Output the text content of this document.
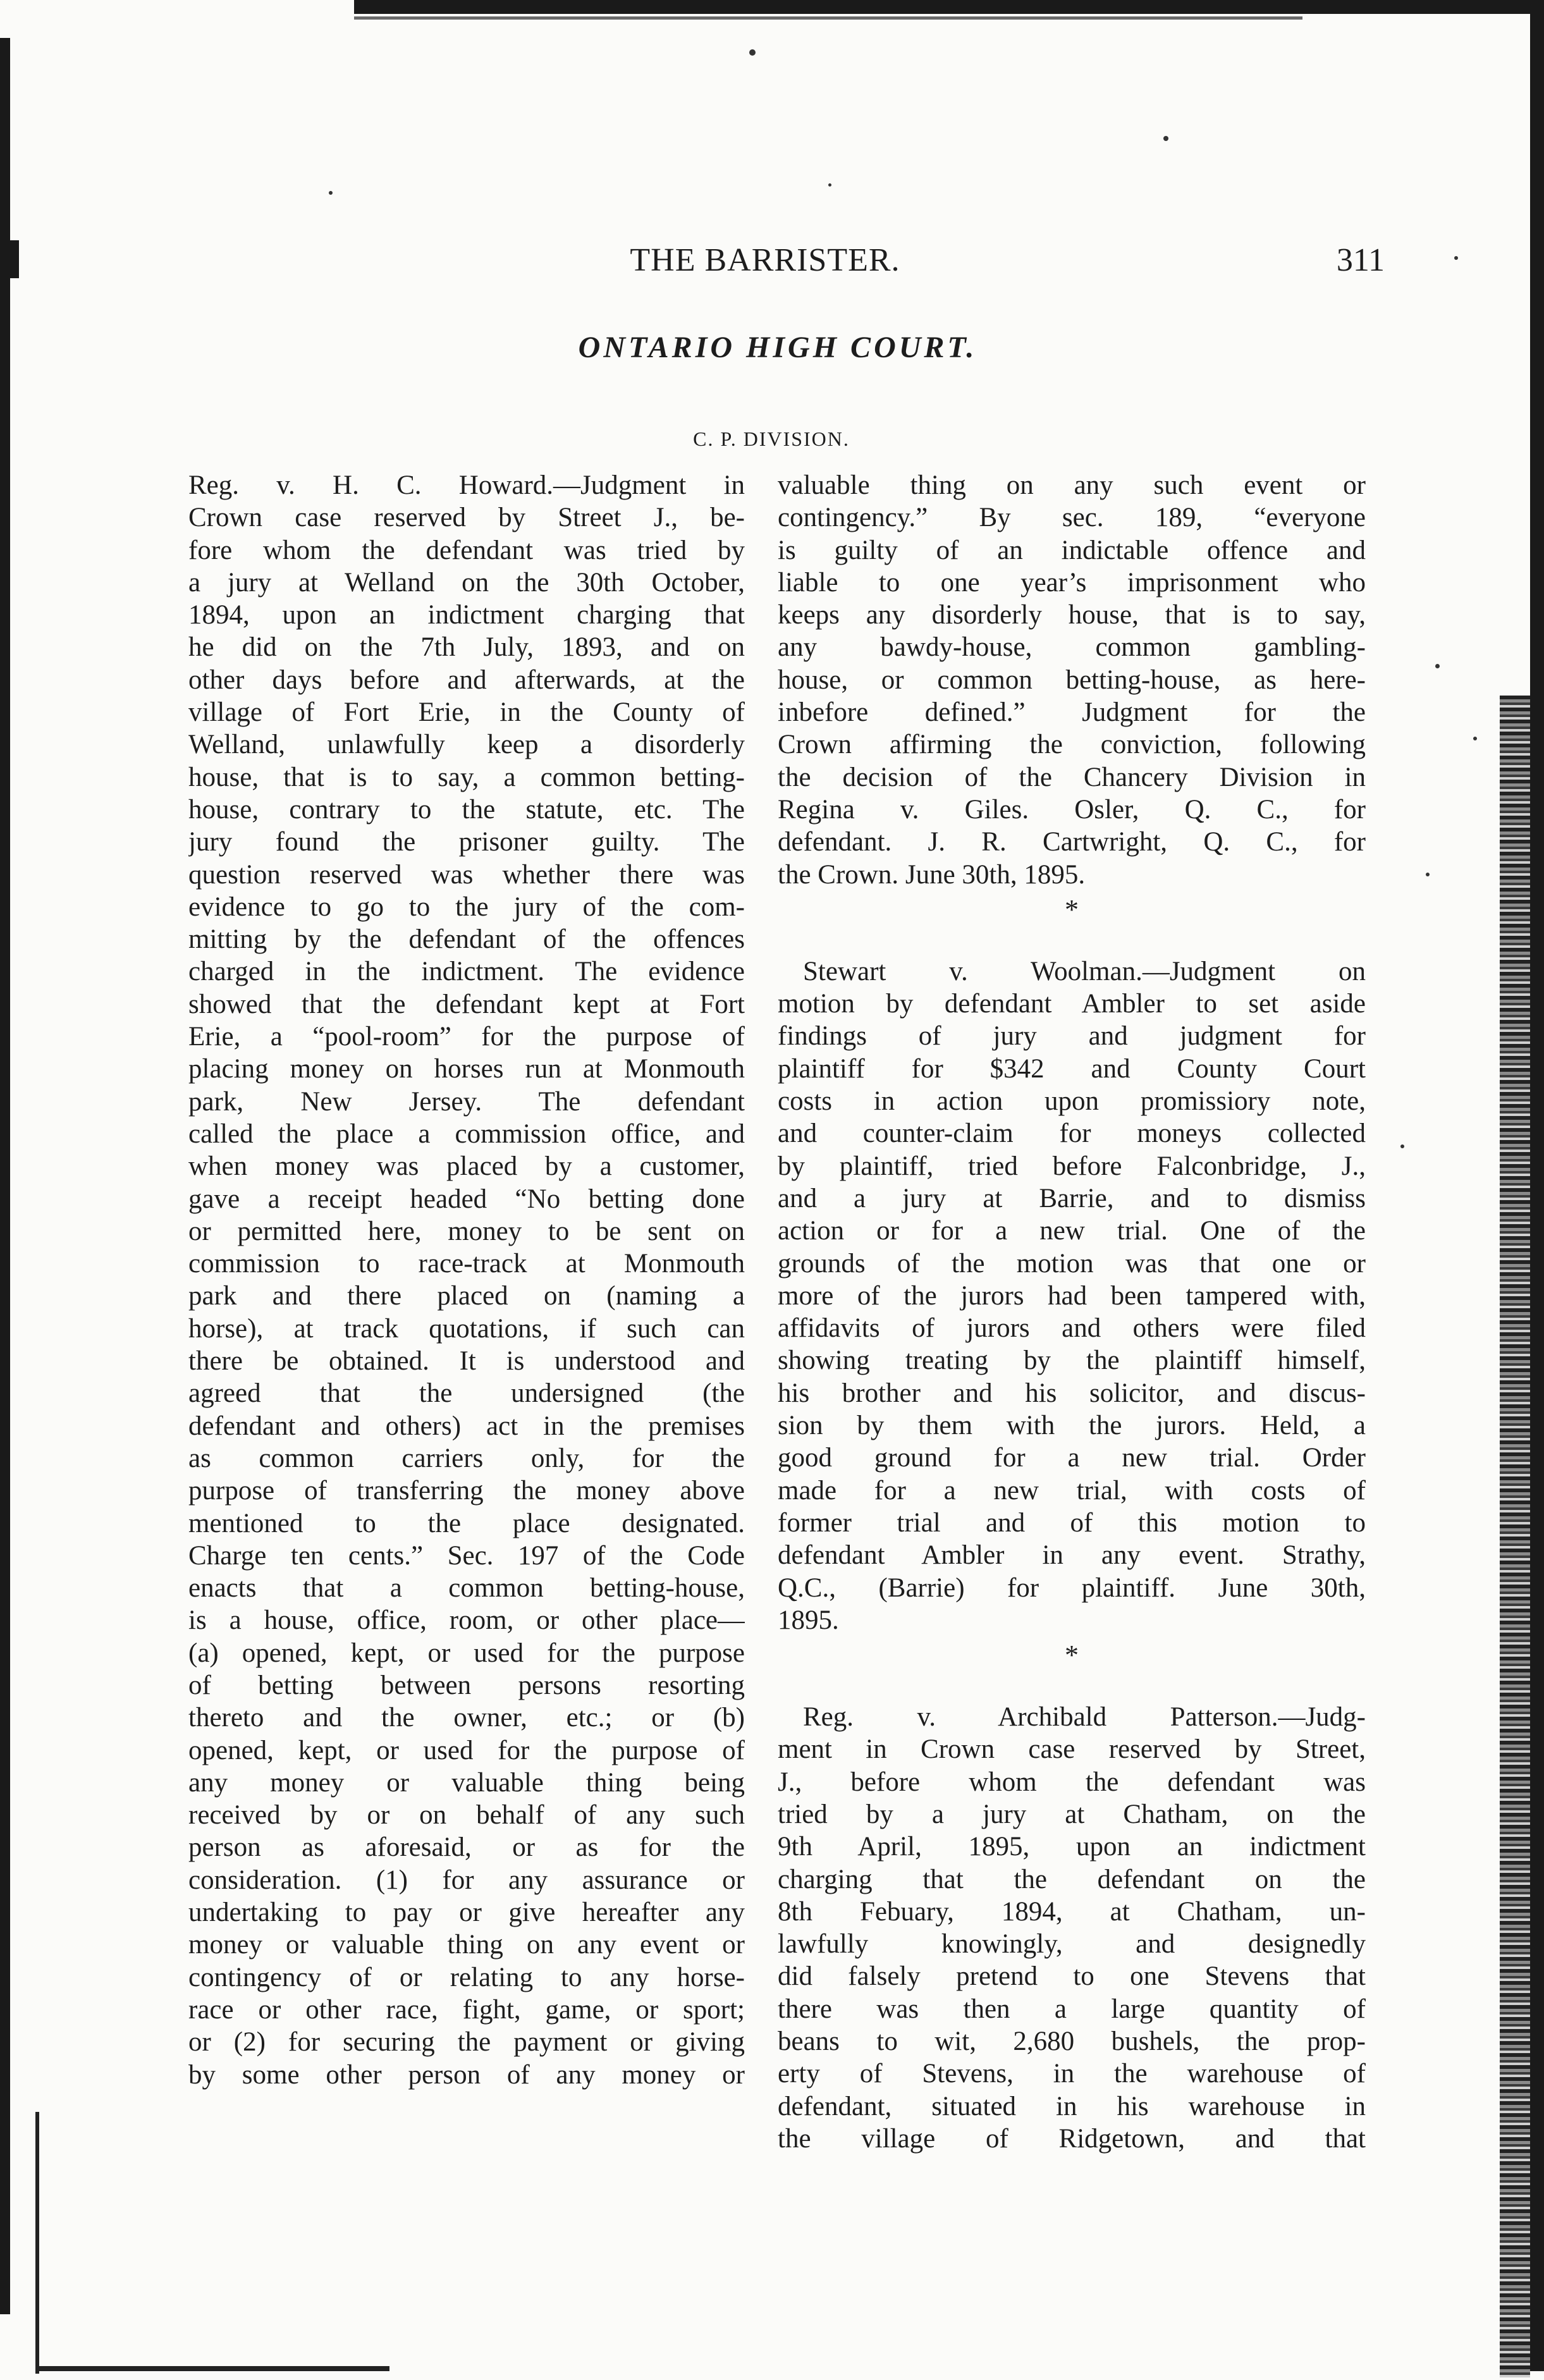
THE BARRISTER.	311
ONTARIO HIGH COURT.
C. P. DIVISION.
Reg. v. H. C. Howard.—Judgment in
Crown case reserved by Street J., be-
fore whom the defendant was tried by
a jury at Welland on the 30th October,
1894, upon an indictment charging that
he did on the 7th July, 1893, and on
other days before and afterwards, at the
village of Fort Erie, in the County of
Welland, unlawfully keep a disorderly
house, that is to say, a common betting-
house, contrary to the statute, etc. The
jury found the prisoner guilty. The
question reserved was whether there was
evidence to go to the jury of the com-
mitting by the defendant of the offences
charged in the indictment. The evidence
showed that the defendant kept at Fort
Erie, a “pool-room” for the purpose of
placing money on horses run at Monmouth
park, New Jersey. The defendant
called the place a commission office, and
when money was placed by a customer,
gave a receipt headed “No betting done
or permitted here, money to be sent on
commission to race-track at Monmouth
park and there placed on (naming a
horse), at track quotations, if such can
there be obtained. It is understood and
agreed that the undersigned (the
defendant and others) act in the premises
as common carriers only, for the
purpose of transferring the money above
mentioned to the place designated.
Charge ten cents.” Sec. 197 of the Code
enacts that a common betting-house,
is a house, office, room, or other place—
(a) opened, kept, or used for the purpose
of betting between persons resorting
thereto and the owner, etc.; or (b)
opened, kept, or used for the purpose of
any money or valuable thing being
received by or on behalf of any such
person as aforesaid, or as for the
consideration. (1) for any assurance or
undertaking to pay or give hereafter any
money or valuable thing on any event or
contingency of or relating to any horse-
race or other race, fight, game, or sport;
or (2) for securing the payment or giving
by some other person of any money or
valuable thing on any such event or
contingency.” By sec. 189, “everyone
is guilty of an indictable offence and
liable to one year’s imprisonment who
keeps any disorderly house, that is to say,
any bawdy-house, common gambling-
house, or common betting-house, as here-
inbefore defined.” Judgment for the
Crown affirming the conviction, following
the decision of the Chancery Division in
Regina v. Giles. Osler, Q. C., for
defendant. J. R. Cartwright, Q. C., for
the Crown. June 30th, 1895.
*
Stewart v. Woolman.—Judgment on
motion by defendant Ambler to set aside
findings of jury and judgment for
plaintiff for $342 and County Court
costs in action upon promissiory note,
and counter-claim for moneys collected
by plaintiff, tried before Falconbridge, J.,
and a jury at Barrie, and to dismiss
action or for a new trial. One of the
grounds of the motion was that one or
more of the jurors had been tampered with,
affidavits of jurors and others were filed
showing treating by the plaintiff himself,
his brother and his solicitor, and discus-
sion by them with the jurors. Held, a
good ground for a new trial. Order
made for a new trial, with costs of
former trial and of this motion to
defendant Ambler in any event. Strathy,
Q.C., (Barrie) for plaintiff. June 30th,
1895.
*
Reg. v. Archibald Patterson.—Judg-
ment in Crown case reserved by Street,
J., before whom the defendant was
tried by a jury at Chatham, on the
9th April, 1895, upon an indictment
charging that the defendant on the
8th Febuary, 1894, at Chatham, un-
lawfully knowingly, and designedly
did falsely pretend to one Stevens that
there was then a large quantity of
beans to wit, 2,680 bushels, the prop-
erty of Stevens, in the warehouse of
defendant, situated in his warehouse in
the village of Ridgetown, and that
